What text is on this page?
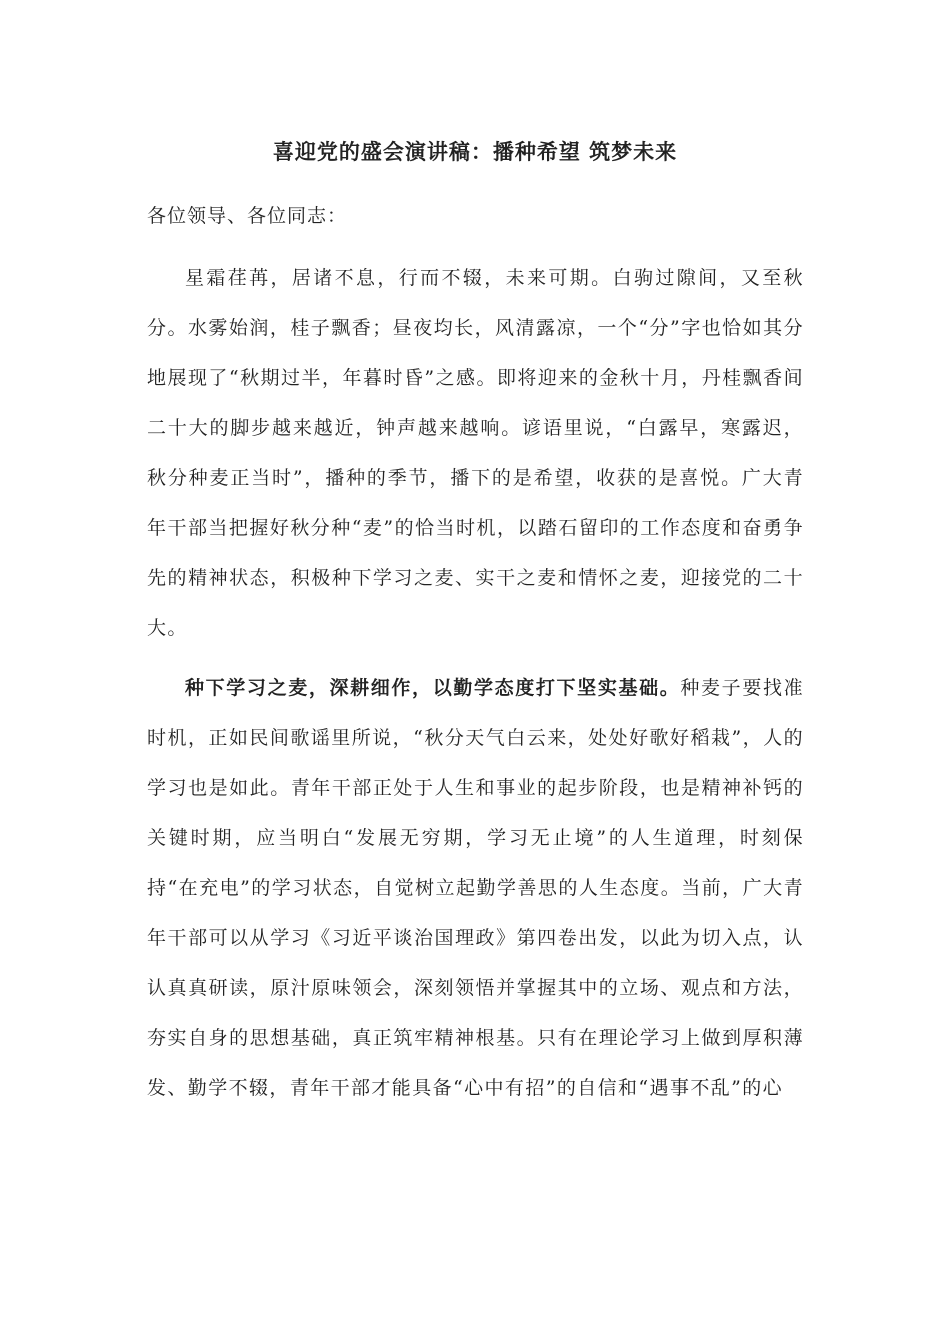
喜迎党的盛会演讲稿：播种希望 筑梦未来

各位领导、各位同志：

星霜荏苒，居诸不息，行而不辍，未来可期。白驹过隙间，又至秋分。水雾始润，桂子飘香；昼夜均长，风清露凉，一个“分”字也恰如其分地展现了“秋期过半，年暮时昏”之感。即将迎来的金秋十月，丹桂飘香间二十大的脚步越来越近，钟声越来越响。谚语里说，“白露早，寒露迟，秋分种麦正当时”，播种的季节，播下的是希望，收获的是喜悦。广大青年干部当把握好秋分种“麦”的恰当时机，以踏石留印的工作态度和奋勇争先的精神状态，积极种下学习之麦、实干之麦和情怀之麦，迎接党的二十大。

种下学习之麦，深耕细作，以勤学态度打下坚实基础。种麦子要找准时机，正如民间歌谣里所说，“秋分天气白云来，处处好歌好稻栽”，人的学习也是如此。青年干部正处于人生和事业的起步阶段，也是精神补钙的关键时期，应当明白“发展无穷期，学习无止境”的人生道理，时刻保持“在充电”的学习状态，自觉树立起勤学善思的人生态度。当前，广大青年干部可以从学习《习近平谈治国理政》第四卷出发，以此为切入点，认认真真研读，原汁原味领会，深刻领悟并掌握其中的立场、观点和方法，夯实自身的思想基础，真正筑牢精神根基。只有在理论学习上做到厚积薄发、勤学不辍，青年干部才能具备“心中有招”的自信和“遇事不乱”的心
